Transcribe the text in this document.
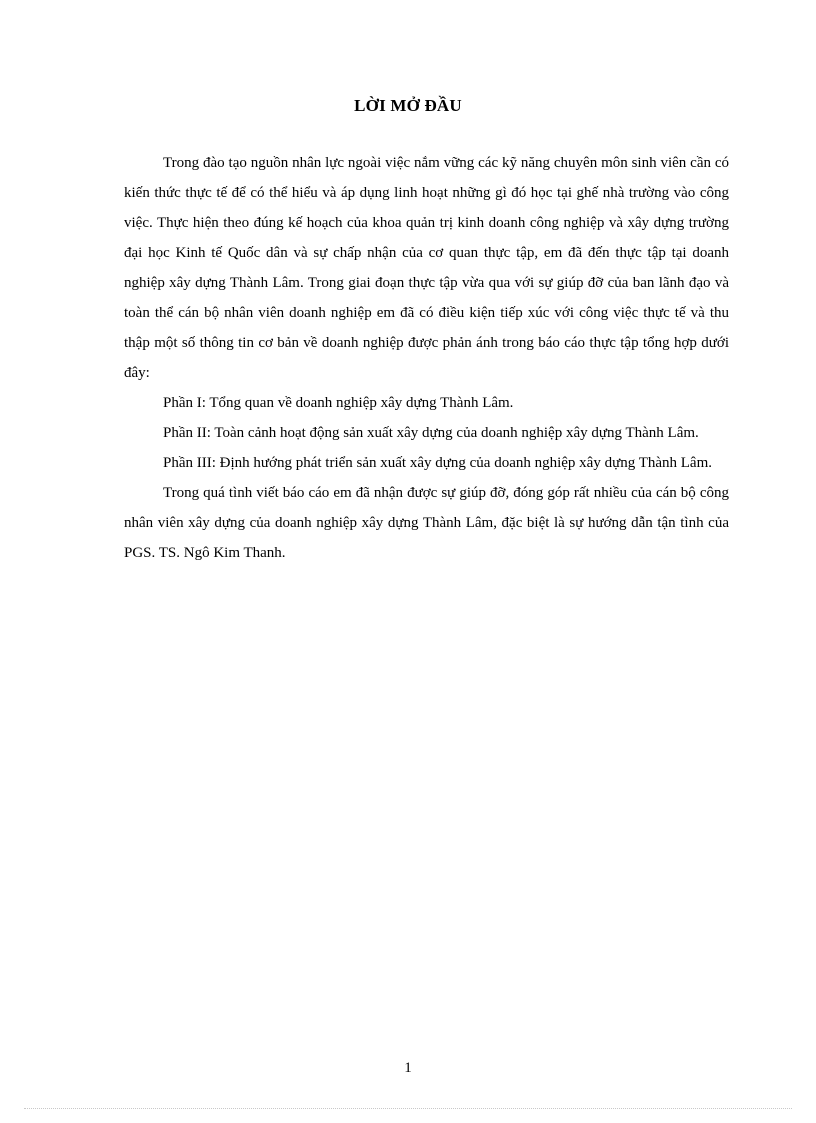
LỜI MỞ ĐẦU

Trong đào tạo nguồn nhân lực ngoài việc nắm vững các kỹ năng chuyên môn sinh viên cần có kiến thức thực tế để có thể hiểu và áp dụng linh hoạt những gì đó học tại ghế nhà trường vào công việc. Thực hiện theo đúng kế hoạch của khoa quản trị kinh doanh công nghiệp và xây dựng trường đại học Kinh tế Quốc dân và sự chấp nhận của cơ quan thực tập, em đã đến thực tập tại doanh nghiệp xây dựng Thành Lâm. Trong giai đoạn thực tập vừa qua với sự giúp đỡ của ban lãnh đạo và toàn thể cán bộ nhân viên doanh nghiệp em đã có điều kiện tiếp xúc với công việc thực tế và thu thập một số thông tin cơ bản về doanh nghiệp được phản ánh trong báo cáo thực tập tổng hợp dưới đây:

Phần I: Tổng quan về doanh nghiệp xây dựng Thành Lâm.

Phần II: Toàn cảnh hoạt động sản xuất xây dựng của doanh nghiệp xây dựng Thành Lâm.

Phần III: Định hướng phát triển sản xuất xây dựng của doanh nghiệp xây dựng Thành Lâm.

Trong quá tình viết báo cáo em đã nhận được sự giúp đỡ, đóng góp rất nhiều của cán bộ công nhân viên xây dựng của doanh nghiệp xây dựng Thành Lâm, đặc biệt là sự hướng dẫn tận tình của PGS. TS. Ngô Kim Thanh.

1
